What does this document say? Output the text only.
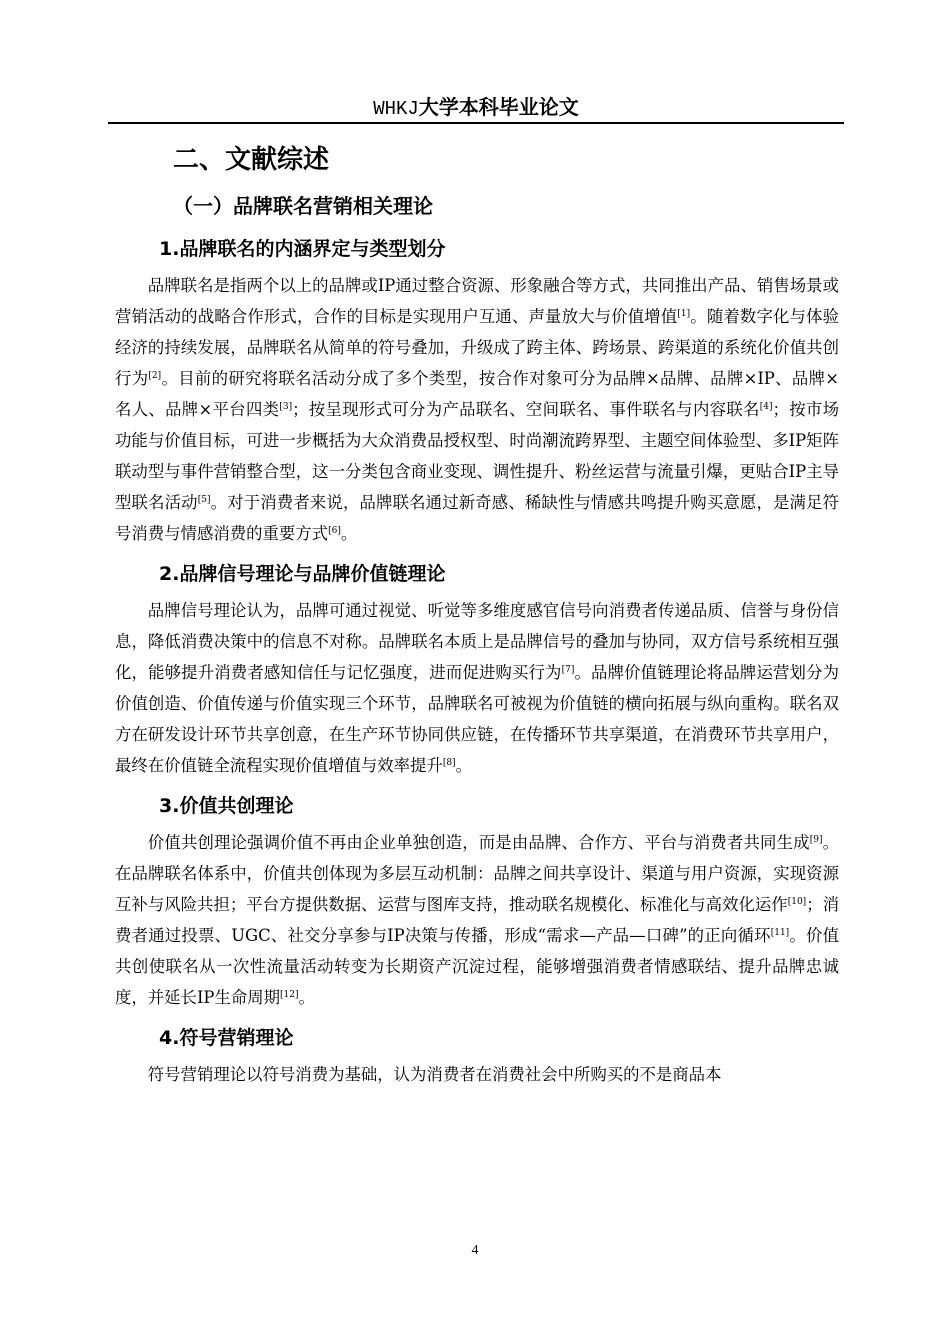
WHKJ大学本科毕业论文
二、文献综述
（一）品牌联名营销相关理论
1.品牌联名的内涵界定与类型划分

品牌联名是指两个以上的品牌或IP通过整合资源、形象融合等方式，共同推出产品、销售场景或营销活动的战略合作形式，合作的目标是实现用户互通、声量放大与价值增值[1]。随着数字化与体验经济的持续发展，品牌联名从简单的符号叠加，升级成了跨主体、跨场景、跨渠道的系统化价值共创行为[2]。目前的研究将联名活动分成了多个类型，按合作对象可分为品牌×品牌、品牌×IP、品牌×名人、品牌×平台四类[3]；按呈现形式可分为产品联名、空间联名、事件联名与内容联名[4]；按市场功能与价值目标，可进一步概括为大众消费品授权型、时尚潮流跨界型、主题空间体验型、多IP矩阵联动型与事件营销整合型，这一分类包含商业变现、调性提升、粉丝运营与流量引爆，更贴合IP主导型联名活动[5]。对于消费者来说，品牌联名通过新奇感、稀缺性与情感共鸣提升购买意愿，是满足符号消费与情感消费的重要方式[6]。

2.品牌信号理论与品牌价值链理论

品牌信号理论认为，品牌可通过视觉、听觉等多维度感官信号向消费者传递品质、信誉与身份信息，降低消费决策中的信息不对称。品牌联名本质上是品牌信号的叠加与协同，双方信号系统相互强化，能够提升消费者感知信任与记忆强度，进而促进购买行为[7]。品牌价值链理论将品牌运营划分为价值创造、价值传递与价值实现三个环节，品牌联名可被视为价值链的横向拓展与纵向重构。联名双方在研发设计环节共享创意，在生产环节协同供应链，在传播环节共享渠道，在消费环节共享用户，最终在价值链全流程实现价值增值与效率提升[8]。

3.价值共创理论

价值共创理论强调价值不再由企业单独创造，而是由品牌、合作方、平台与消费者共同生成[9]。在品牌联名体系中，价值共创体现为多层互动机制：品牌之间共享设计、渠道与用户资源，实现资源互补与风险共担；平台方提供数据、运营与图库支持，推动联名规模化、标准化与高效化运作[10]；消费者通过投票、UGC、社交分享参与IP决策与传播，形成“需求—产品—口碑”的正向循环[11]。价值共创使联名从一次性流量活动转变为长期资产沉淀过程，能够增强消费者情感联结、提升品牌忠诚度，并延长IP生命周期[12]。

4.符号营销理论

符号营销理论以符号消费为基础，认为消费者在消费社会中所购买的不是商品本

4
